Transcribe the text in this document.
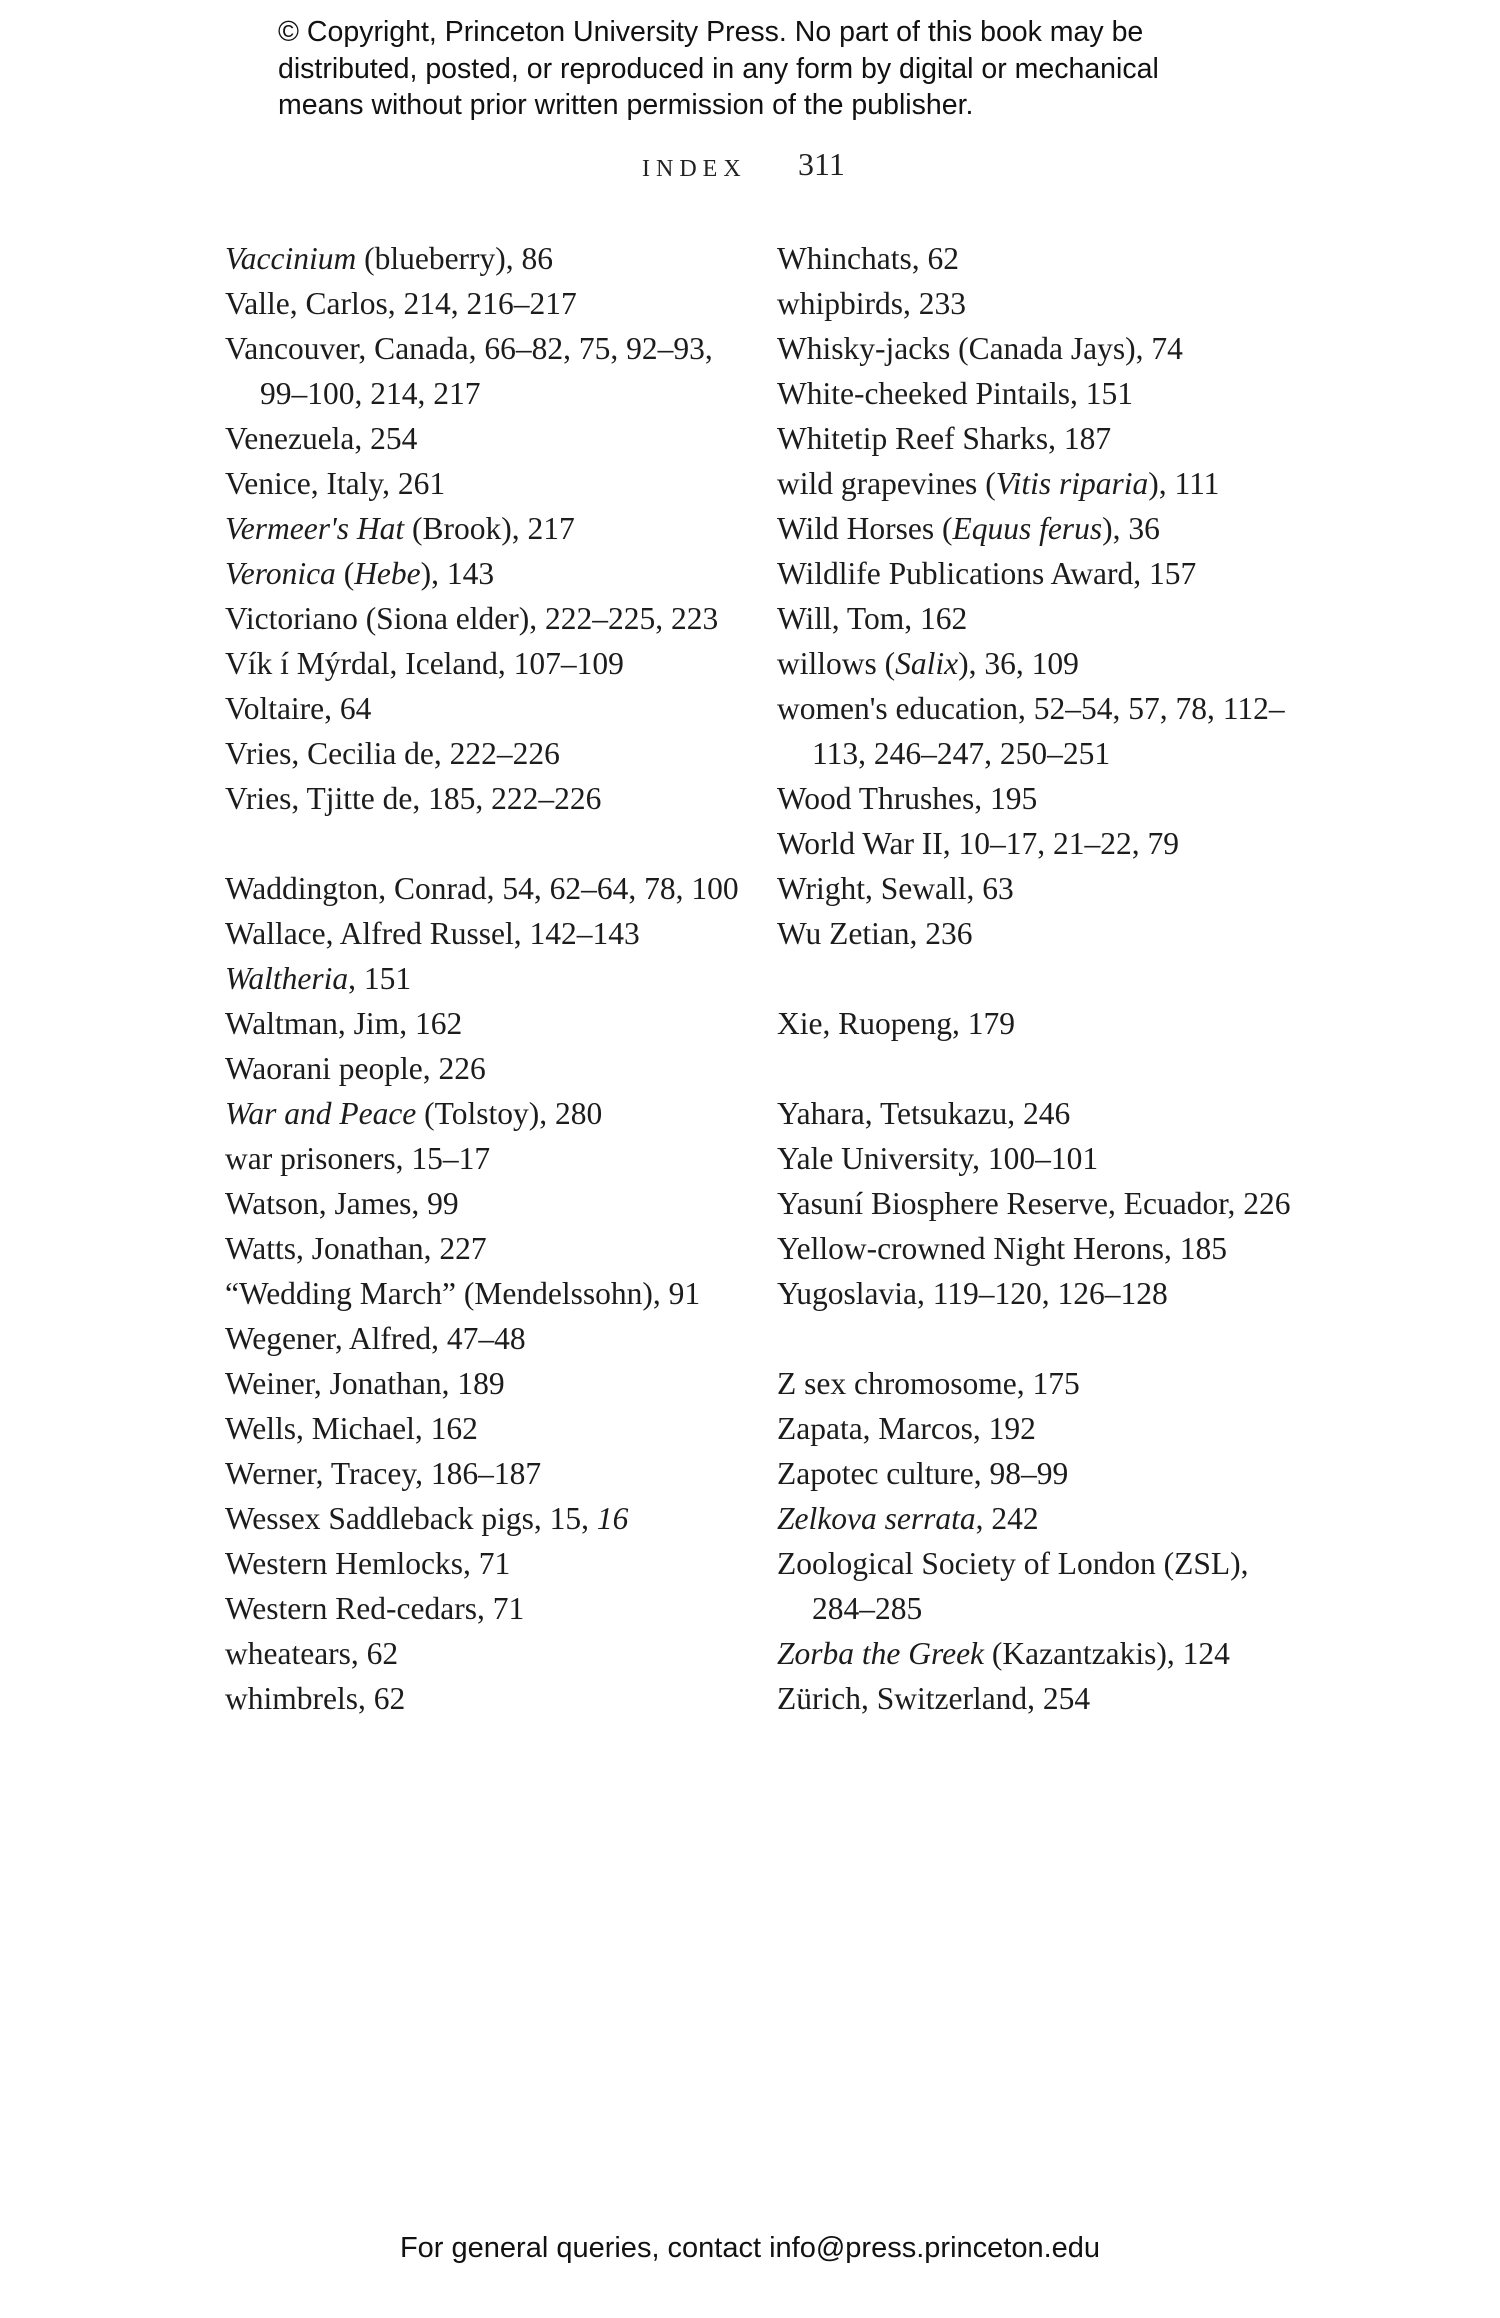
© Copyright, Princeton University Press. No part of this book may be
distributed, posted, or reproduced in any form by digital or mechanical
means without prior written permission of the publisher.
INDEX 311
Vaccinium (blueberry), 86
Valle, Carlos, 214, 216–217
Vancouver, Canada, 66–82, 75, 92–93, 99–100, 214, 217
Venezuela, 254
Venice, Italy, 261
Vermeer's Hat (Brook), 217
Veronica (Hebe), 143
Victoriano (Siona elder), 222–225, 223
Vík í Mýrdal, Iceland, 107–109
Voltaire, 64
Vries, Cecilia de, 222–226
Vries, Tjitte de, 185, 222–226
Waddington, Conrad, 54, 62–64, 78, 100
Wallace, Alfred Russel, 142–143
Waltheria, 151
Waltman, Jim, 162
Waorani people, 226
War and Peace (Tolstoy), 280
war prisoners, 15–17
Watson, James, 99
Watts, Jonathan, 227
“Wedding March” (Mendelssohn), 91
Wegener, Alfred, 47–48
Weiner, Jonathan, 189
Wells, Michael, 162
Werner, Tracey, 186–187
Wessex Saddleback pigs, 15, 16
Western Hemlocks, 71
Western Red-cedars, 71
wheatears, 62
whimbrels, 62
Whinchats, 62
whipbirds, 233
Whisky-jacks (Canada Jays), 74
White-cheeked Pintails, 151
Whitetip Reef Sharks, 187
wild grapevines (Vitis riparia), 111
Wild Horses (Equus ferus), 36
Wildlife Publications Award, 157
Will, Tom, 162
willows (Salix), 36, 109
women's education, 52–54, 57, 78, 112–113, 246–247, 250–251
Wood Thrushes, 195
World War II, 10–17, 21–22, 79
Wright, Sewall, 63
Wu Zetian, 236
Xie, Ruopeng, 179
Yahara, Tetsukazu, 246
Yale University, 100–101
Yasuní Biosphere Reserve, Ecuador, 226
Yellow-crowned Night Herons, 185
Yugoslavia, 119–120, 126–128
Z sex chromosome, 175
Zapata, Marcos, 192
Zapotec culture, 98–99
Zelkova serrata, 242
Zoological Society of London (ZSL), 284–285
Zorba the Greek (Kazantzakis), 124
Zürich, Switzerland, 254
For general queries, contact info@press.princeton.edu
